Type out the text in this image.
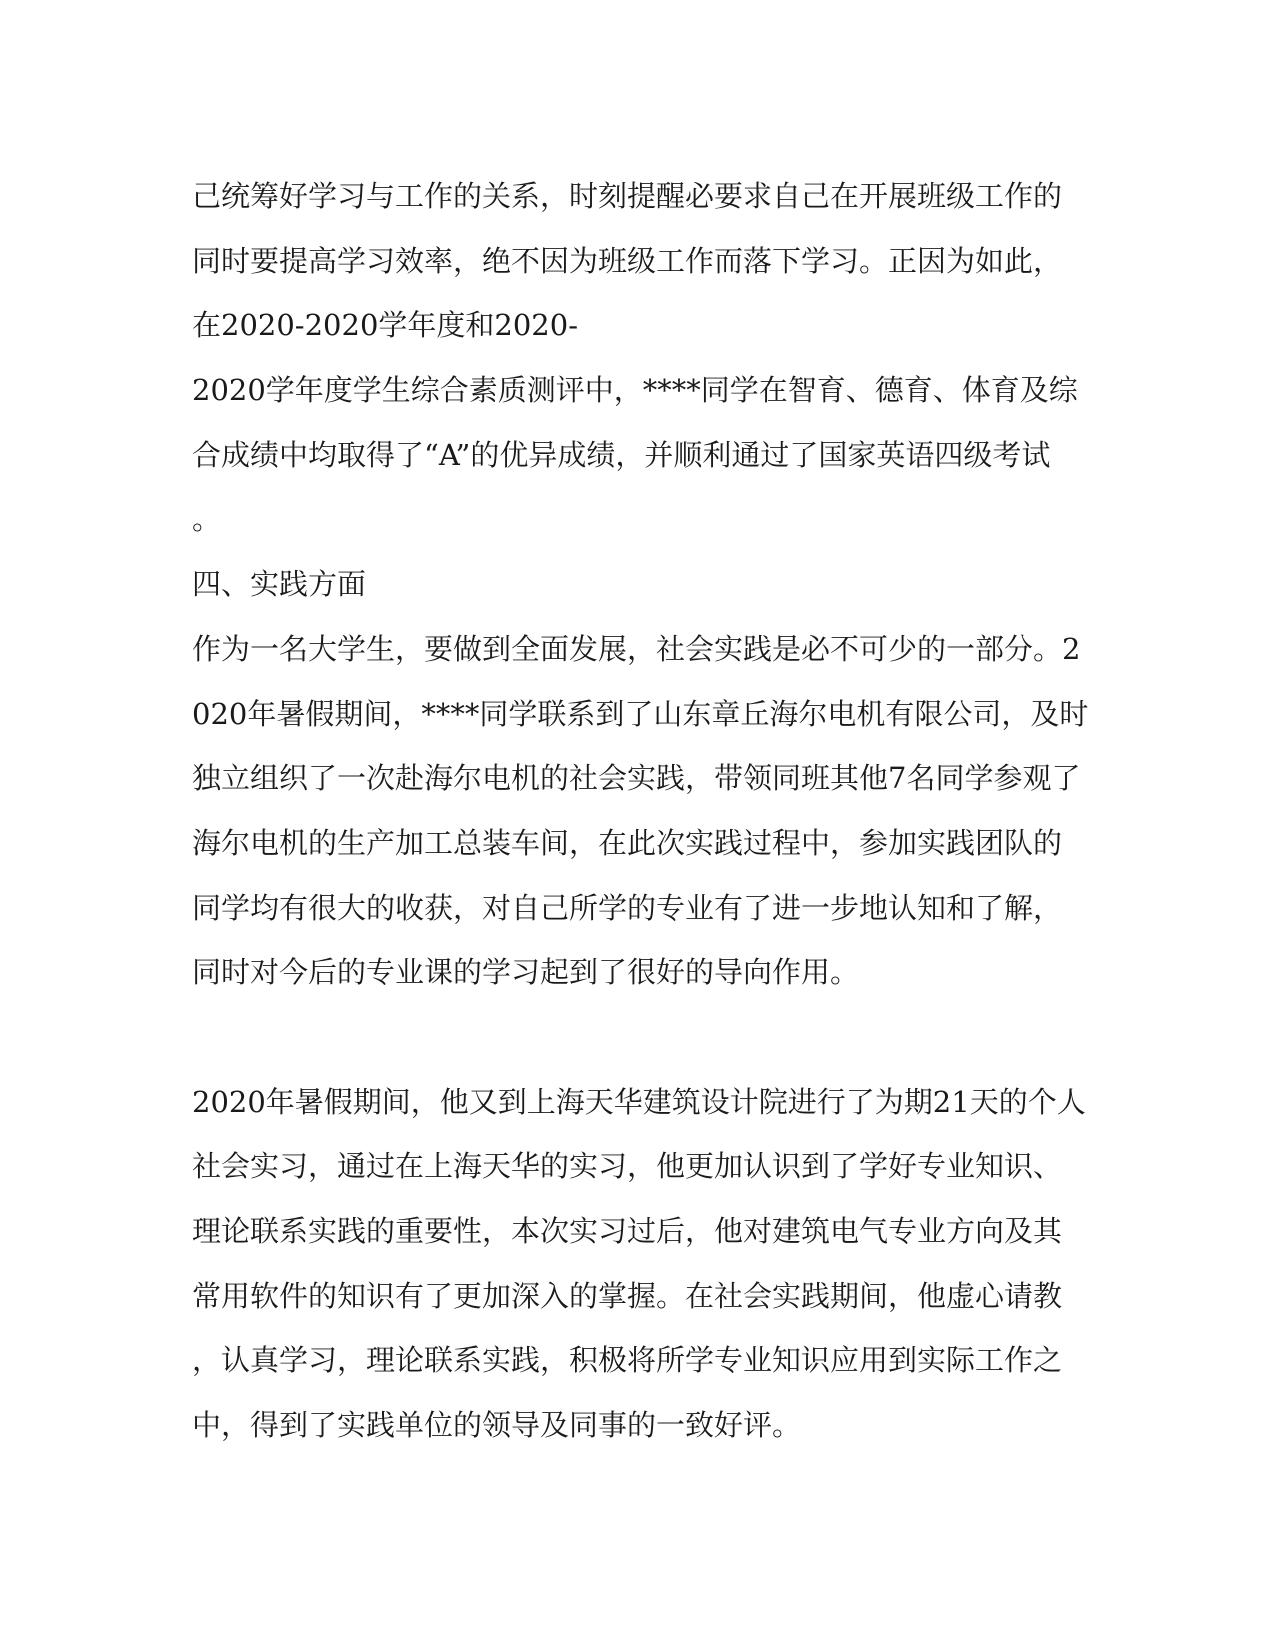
己统筹好学习与工作的关系，时刻提醒必要求自己在开展班级工作的
同时要提高学习效率，绝不因为班级工作而落下学习。正因为如此，
在2020-2020学年度和2020-
2020学年度学生综合素质测评中，****同学在智育、德育、体育及综
合成绩中均取得了“A”的优异成绩，并顺利通过了国家英语四级考试
。
四、实践方面
作为一名大学生，要做到全面发展，社会实践是必不可少的一部分。2
020年暑假期间，****同学联系到了山东章丘海尔电机有限公司，及时
独立组织了一次赴海尔电机的社会实践，带领同班其他7名同学参观了
海尔电机的生产加工总装车间，在此次实践过程中，参加实践团队的
同学均有很大的收获，对自己所学的专业有了进一步地认知和了解，
同时对今后的专业课的学习起到了很好的导向作用。
2020年暑假期间，他又到上海天华建筑设计院进行了为期21天的个人
社会实习，通过在上海天华的实习，他更加认识到了学好专业知识、
理论联系实践的重要性，本次实习过后，他对建筑电气专业方向及其
常用软件的知识有了更加深入的掌握。在社会实践期间，他虚心请教
，认真学习，理论联系实践，积极将所学专业知识应用到实际工作之
中，得到了实践单位的领导及同事的一致好评。
